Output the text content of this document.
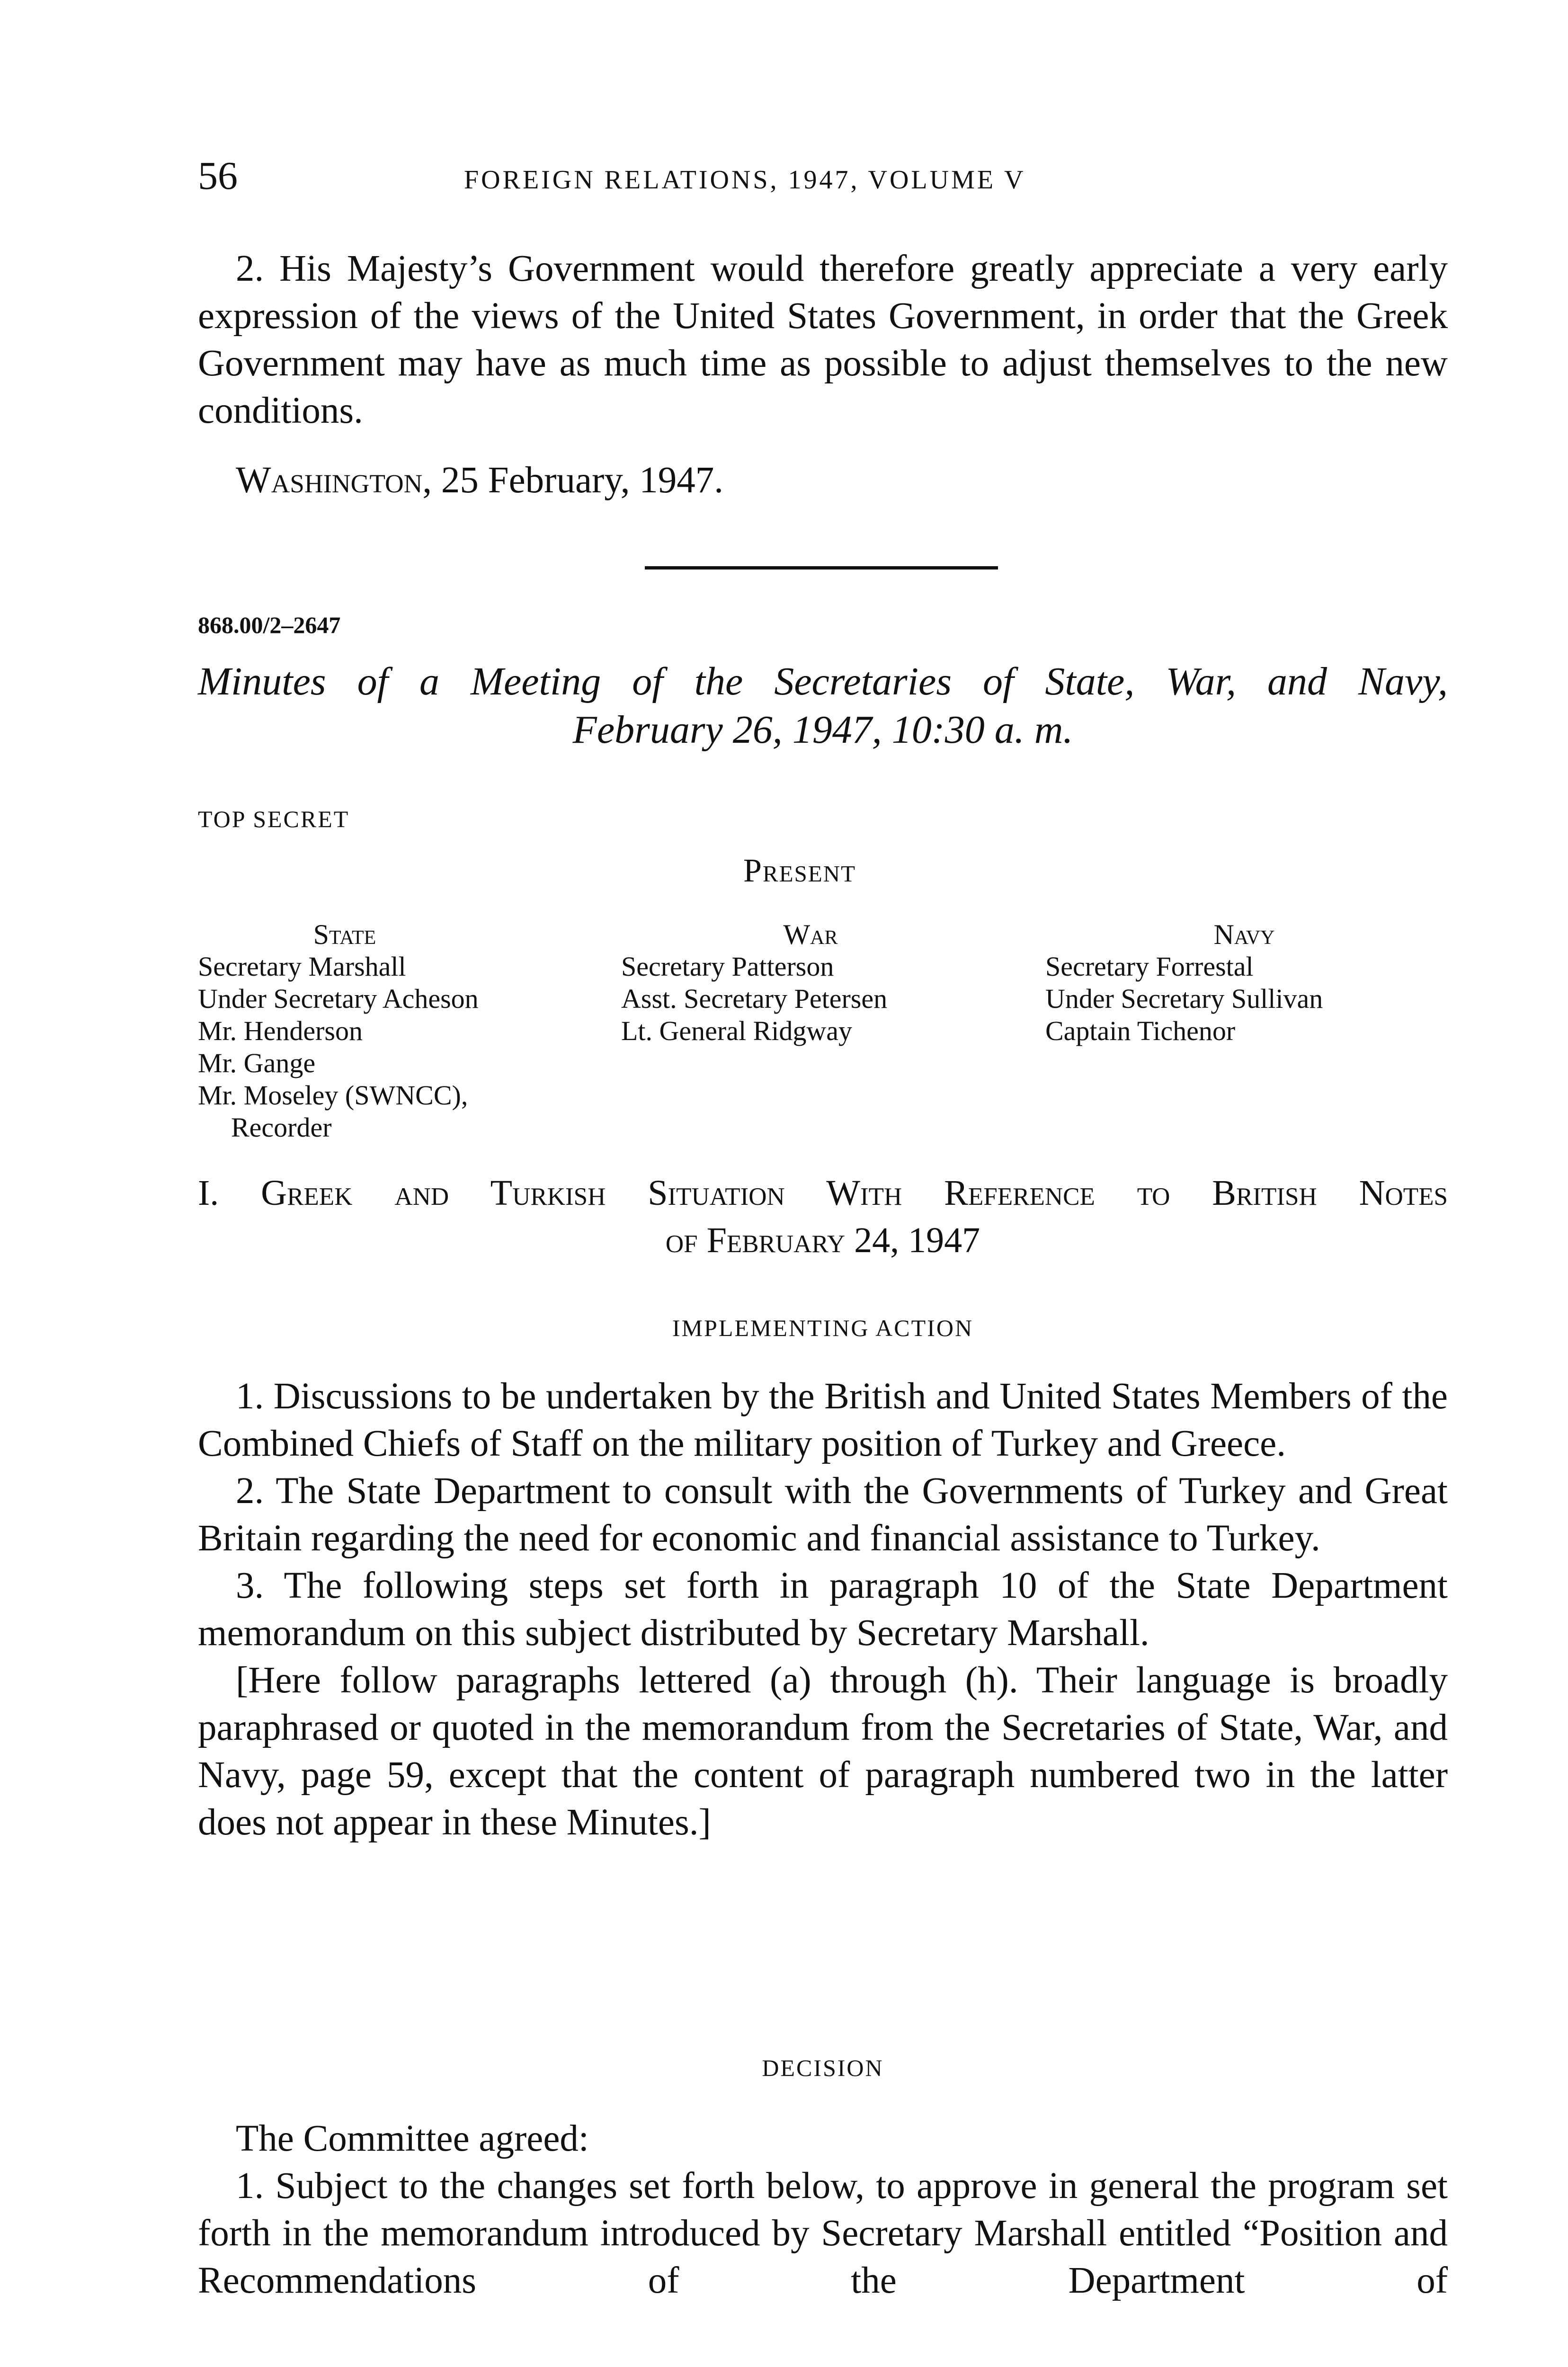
56	FOREIGN RELATIONS, 1947, VOLUME V

2. His Majesty’s Government would therefore greatly appreciate a very early expression of the views of the United States Government, in order that the Greek Government may have as much time as possible to adjust themselves to the new conditions.

Washington, 25 February, 1947.
868.00/2–2647
Minutes of a Meeting of the Secretaries of State, War, and Navy,
February 26, 1947, 10:30 a. m.
TOP SECRET
Present
State
Secretary Marshall
Under Secretary Acheson
Mr. Henderson
Mr. Gange
Mr. Moseley (SWNCC),
Recorder
War
Secretary Patterson
Asst. Secretary Petersen
Lt. General Ridgway
Navy
Secretary Forrestal
Under Secretary Sullivan
Captain Tichenor
I. Greek and Turkish Situation With Reference to British Notes
of February 24, 1947
IMPLEMENTING ACTION

1. Discussions to be undertaken by the British and United States Members of the Combined Chiefs of Staff on the military position of Turkey and Greece.

2. The State Department to consult with the Governments of Turkey and Great Britain regarding the need for economic and financial assistance to Turkey.

3. The following steps set forth in paragraph 10 of the State Department memorandum on this subject distributed by Secretary Marshall.

[Here follow paragraphs lettered (a) through (h). Their language is broadly paraphrased or quoted in the memorandum from the Secretaries of State, War, and Navy, page 59, except that the content of paragraph numbered two in the latter does not appear in these Minutes.]

DECISION

The Committee agreed:

1. Subject to the changes set forth below, to approve in general the program set forth in the memorandum introduced by Secretary Marshall entitled “Position and Recommendations of the Department of
